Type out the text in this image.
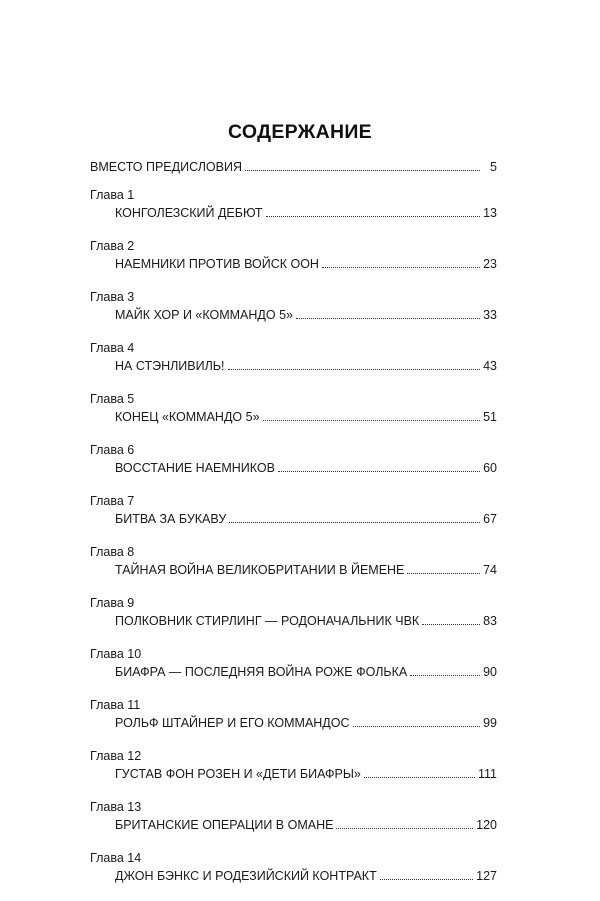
СОДЕРЖАНИЕ
ВМЕСТО ПРЕДИСЛОВИЯ	5
Глава 1
КОНГОЛЕЗСКИЙ ДЕБЮТ	13
Глава 2
НАЕМНИКИ ПРОТИВ ВОЙСК ООН	23
Глава 3
МАЙК ХОР И «КОММАНДО 5»	33
Глава 4
НА СТЭНЛИВИЛЬ!	43
Глава 5
КОНЕЦ «КОММАНДО 5»	51
Глава 6
ВОССТАНИЕ НАЕМНИКОВ	60
Глава 7
БИТВА ЗА БУКАВУ	67
Глава 8
ТАЙНАЯ ВОЙНА ВЕЛИКОБРИТАНИИ В ЙЕМЕНЕ	74
Глава 9
ПОЛКОВНИК СТИРЛИНГ — РОДОНАЧАЛЬНИК ЧВК	83
Глава 10
БИАФРА — ПОСЛЕДНЯЯ ВОЙНА РОЖЕ ФОЛЬКА	90
Глава 11
РОЛЬФ ШТАЙНЕР И ЕГО КОММАНДОС	99
Глава 12
ГУСТАВ ФОН РОЗЕН И «ДЕТИ БИАФРЫ»	111
Глава 13
БРИТАНСКИЕ ОПЕРАЦИИ В ОМАНЕ	120
Глава 14
ДЖОН БЭНКС И РОДЕЗИЙСКИЙ КОНТРАКТ	127
